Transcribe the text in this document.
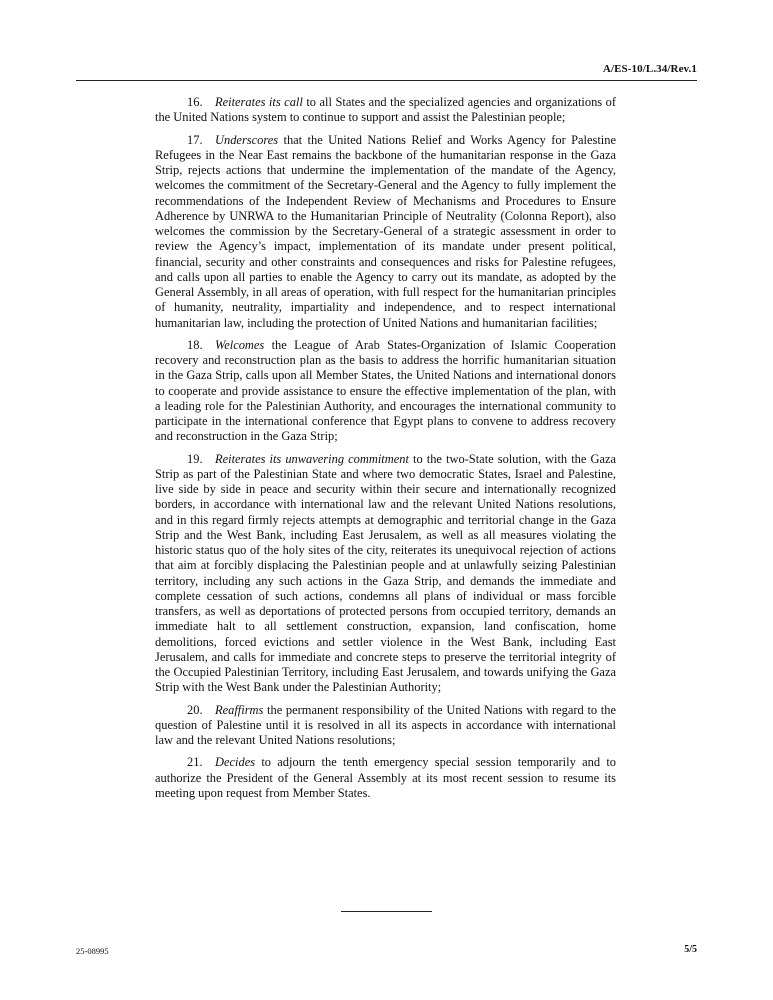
A/ES-10/L.34/Rev.1

16. Reiterates its call to all States and the specialized agencies and organizations of the United Nations system to continue to support and assist the Palestinian people;

17. Underscores that the United Nations Relief and Works Agency for Palestine Refugees in the Near East remains the backbone of the humanitarian response in the Gaza Strip, rejects actions that undermine the implementation of the mandate of the Agency, welcomes the commitment of the Secretary-General and the Agency to fully implement the recommendations of the Independent Review of Mechanisms and Procedures to Ensure Adherence by UNRWA to the Humanitarian Principle of Neutrality (Colonna Report), also welcomes the commission by the Secretary-General of a strategic assessment in order to review the Agency’s impact, implementation of its mandate under present political, financial, security and other constraints and consequences and risks for Palestine refugees, and calls upon all parties to enable the Agency to carry out its mandate, as adopted by the General Assembly, in all areas of operation, with full respect for the humanitarian principles of humanity, neutrality, impartiality and independence, and to respect international humanitarian law, including the protection of United Nations and humanitarian facilities;

18. Welcomes the League of Arab States-Organization of Islamic Cooperation recovery and reconstruction plan as the basis to address the horrific humanitarian situation in the Gaza Strip, calls upon all Member States, the United Nations and international donors to cooperate and provide assistance to ensure the effective implementation of the plan, with a leading role for the Palestinian Authority, and encourages the international community to participate in the international conference that Egypt plans to convene to address recovery and reconstruction in the Gaza Strip;

19. Reiterates its unwavering commitment to the two-State solution, with the Gaza Strip as part of the Palestinian State and where two democratic States, Israel and Palestine, live side by side in peace and security within their secure and internationally recognized borders, in accordance with international law and the relevant United Nations resolutions, and in this regard firmly rejects attempts at demographic and territorial change in the Gaza Strip and the West Bank, including East Jerusalem, as well as all measures violating the historic status quo of the holy sites of the city, reiterates its unequivocal rejection of actions that aim at forcibly displacing the Palestinian people and at unlawfully seizing Palestinian territory, including any such actions in the Gaza Strip, and demands the immediate and complete cessation of such actions, condemns all plans of individual or mass forcible transfers, as well as deportations of protected persons from occupied territory, demands an immediate halt to all settlement construction, expansion, land confiscation, home demolitions, forced evictions and settler violence in the West Bank, including East Jerusalem, and calls for immediate and concrete steps to preserve the territorial integrity of the Occupied Palestinian Territory, including East Jerusalem, and towards unifying the Gaza Strip with the West Bank under the Palestinian Authority;

20. Reaffirms the permanent responsibility of the United Nations with regard to the question of Palestine until it is resolved in all its aspects in accordance with international law and the relevant United Nations resolutions;

21. Decides to adjourn the tenth emergency special session temporarily and to authorize the President of the General Assembly at its most recent session to resume its meeting upon request from Member States.

25-08995	5/5
